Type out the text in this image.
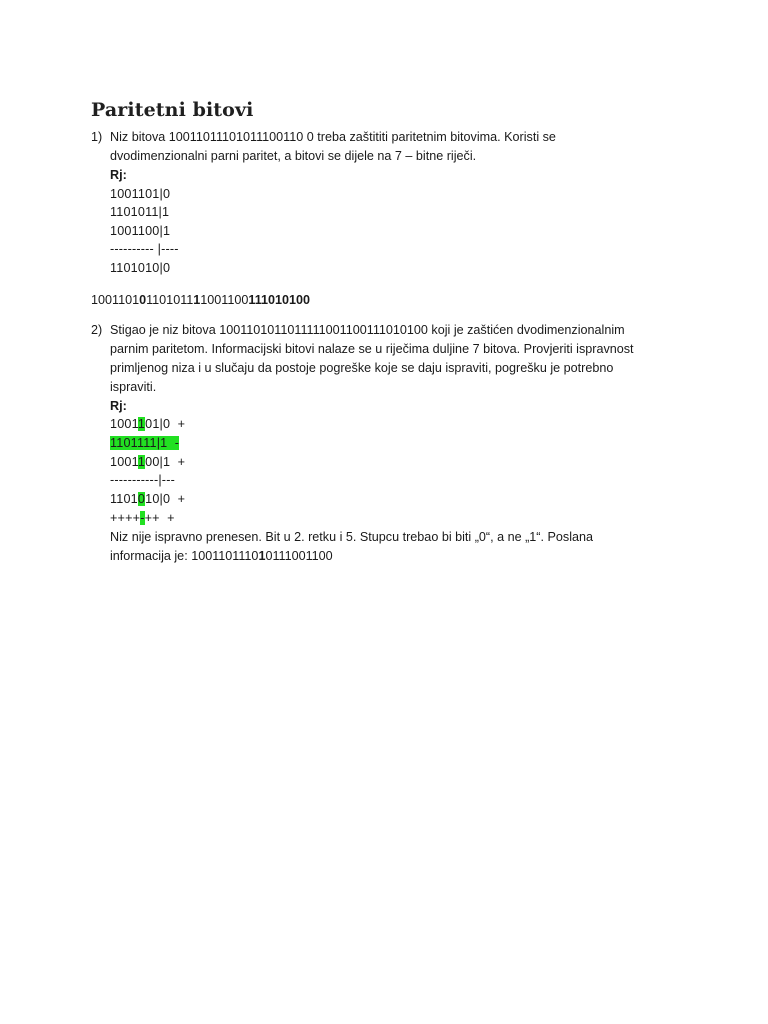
Paritetni bitovi
1) Niz bitova 10011011101011100110 0 treba zaštititi paritetnim bitovima. Koristi se
dvodimenzionalni parni paritet, a bitovi se dijele na 7 – bitne riječi.
Rj:
1001101|0
1101011|1
1001100|1
---------- |----
1101010|0
10011010110101111001100111010100
2) Stigao je niz bitova 1001101011011111001100111010100 koji je zaštićen dvodimenzionalnim
parnim paritetom. Informacijski bitovi nalaze se u riječima duljine 7 bitova. Provjeriti ispravnost
primljenog niza i u slučaju da postoje pogreške koje se daju ispraviti, pogrešku je potrebno
ispraviti.
Rj:
1001101|0  +
1101111|1  -
1001100|1  +
-----------|---
1101010|0  +
++++-++  +
Niz nije ispravno prenesen. Bit u 2. retku i 5. Stupcu trebao bi biti „0“, a ne „1“. Poslana
informacija je: 100110111010111001100
